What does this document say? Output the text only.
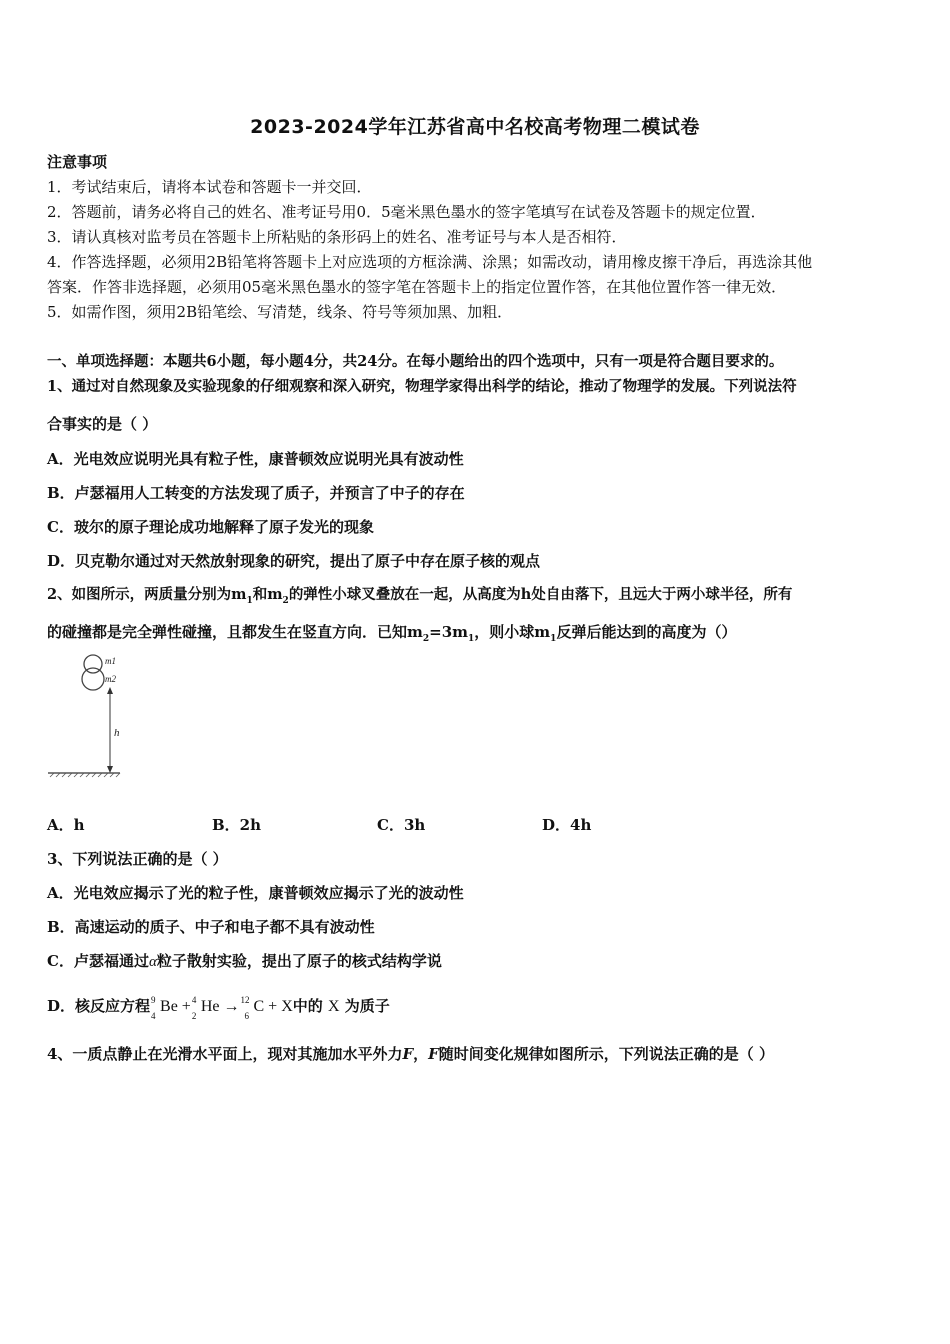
2023-2024学年江苏省高中名校高考物理二模试卷
注意事项
1．考试结束后，请将本试卷和答题卡一并交回．
2．答题前，请务必将自己的姓名、准考证号用0．5毫米黑色墨水的签字笔填写在试卷及答题卡的规定位置．
3．请认真核对监考员在答题卡上所粘贴的条形码上的姓名、准考证号与本人是否相符．
4．作答选择题，必须用2B铅笔将答题卡上对应选项的方框涂满、涂黑；如需改动，请用橡皮擦干净后，再选涂其他
答案．作答非选择题，必须用05毫米黑色墨水的签字笔在答题卡上的指定位置作答，在其他位置作答一律无效．
5．如需作图，须用2B铅笔绘、写清楚，线条、符号等须加黑、加粗．
一、单项选择题：本题共6小题，每小题4分，共24分。在每小题给出的四个选项中，只有一项是符合题目要求的。
1、通过对自然现象及实验现象的仔细观察和深入研究，物理学家得出科学的结论，推动了物理学的发展。下列说法符
合事实的是（ ）
A．光电效应说明光具有粒子性，康普顿效应说明光具有波动性
B．卢瑟福用人工转变的方法发现了质子，并预言了中子的存在
C．玻尔的原子理论成功地解释了原子发光的现象
D．贝克勒尔通过对天然放射现象的研究，提出了原子中存在原子核的观点
2、如图所示，两质量分别为$m_1$和$m_2$的弹性小球叉叠放在一起，从高度为h处自由落下，且远大于两小球半径，所有
的碰撞都是完全弹性碰撞，且都发生在竖直方向．已知$m_2=3m_1$，则小球$m_1$反弹后能达到的高度为（）
m1
m2
h
A．h	B．2h	C．3h	D．4h
3、下列说法正确的是（ ）
A．光电效应揭示了光的粒子性，康普顿效应揭示了光的波动性
B．高速运动的质子、中子和电子都不具有波动性
C．卢瑟福通过α粒子散射实验，提出了原子的核式结构学说
D．核反应方程 9
4
Be + 4
2
He → 12
6
C + X中的 X 为质子
4、一质点静止在光滑水平面上，现对其施加水平外力F，F随时间变化规律如图所示，下列说法正确的是（ ）
